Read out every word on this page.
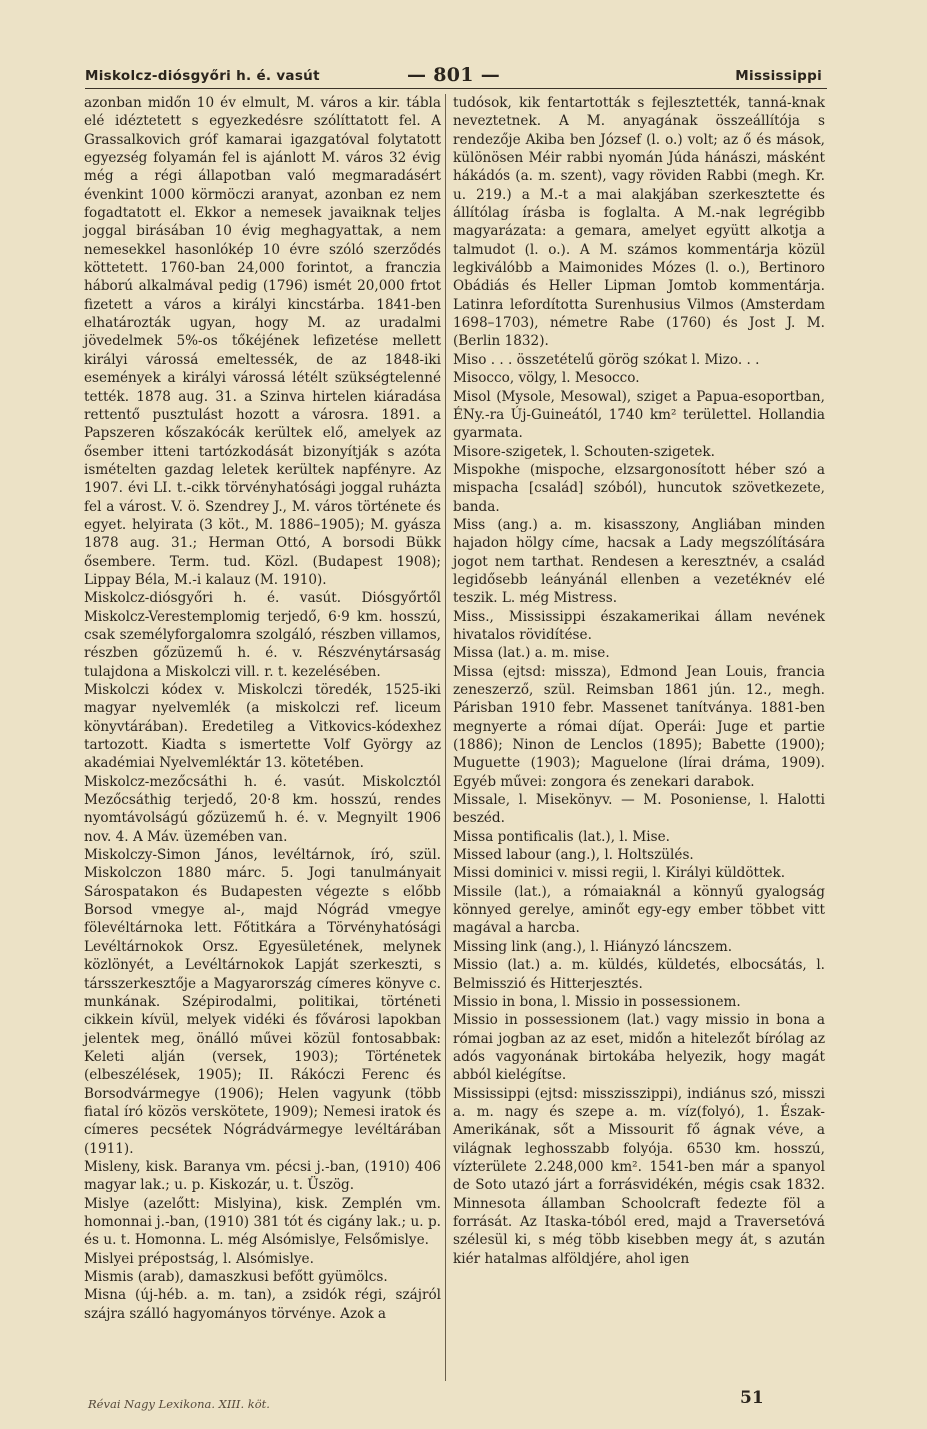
Miskolcz-diósgyőri h. é. vasút	— 801 —	Mississippi

azonban midőn 10 év elmult, M. város a kir. tábla elé idéztetett s egyezkedésre szólíttatott fel. A Grassalkovich gróf kamarai igazgatóval folytatott egyezség folyamán fel is ajánlott M. város 32 évig még a régi állapotban való megmaradásért évenkint 1000 körmöczi aranyat, azonban ez nem fogadtatott el. Ekkor a nemesek javaiknak teljes joggal birásában 10 évig meghagyattak, a nem nemesekkel hasonlókép 10 évre szóló szerződés köttetett. 1760-ban 24,000 forintot, a franczia háború alkalmával pedig (1796) ismét 20,000 frtot fizetett a város a királyi kincstárba. 1841-ben elhatározták ugyan, hogy M. az uradalmi jövedelmek 5%-os tőkéjének lefizetése mellett királyi várossá emeltessék, de az 1848-iki események a királyi várossá létélt szükségtelenné tették. 1878 aug. 31. a Szinva hirtelen kiáradása rettentő pusztulást hozott a városra. 1891. a Papszeren kőszakócák kerültek elő, amelyek az ősember itteni tartózkodását bizonyítják s azóta ismételten gazdag leletek kerültek napfényre. Az 1907. évi LI. t.-cikk törvényhatósági joggal ruházta fel a várost. V. ö. Szendrey J., M. város története és egyet. helyirata (3 köt., M. 1886–1905); M. gyásza 1878 aug. 31.; Herman Ottó, A borsodi Bükk ősembere. Term. tud. Közl. (Budapest 1908); Lippay Béla, M.-i kalauz (M. 1910).

Miskolcz-diósgyőri h. é. vasút. Diósgyőrtől Miskolcz-Verestemplomig terjedő, 6·9 km. hosszú, csak személyforgalomra szolgáló, részben villamos, részben gőzüzemű h. é. v. Részvénytársaság tulajdona a Miskolczi vill. r. t. kezelésében.

Miskolczi kódex v. Miskolczi töredék, 1525-iki magyar nyelvemlék (a miskolczi ref. liceum könyvtárában). Eredetileg a Vitkovics-kódexhez tartozott. Kiadta s ismertette Volf György az akadémiai Nyelvemléktár 13. kötetében.

Miskolcz-mezőcsáthi h. é. vasút. Miskolcztól Mezőcsáthig terjedő, 20·8 km. hosszú, rendes nyomtávolságú gőzüzemű h. é. v. Megnyilt 1906 nov. 4. A Máv. üzemében van.

Miskolczy-Simon János, levéltárnok, író, szül. Miskolczon 1880 márc. 5. Jogi tanulmányait Sárospatakon és Budapesten végezte s előbb Borsod vmegye al-, majd Nógrád vmegye fölevéltárnoka lett. Főtitkára a Törvényhatósági Levéltárnokok Orsz. Egyesületének, melynek közlönyét, a Levéltárnokok Lapját szerkeszti, s társszerkesztője a Magyarország címeres könyve c. munkának. Szépirodalmi, politikai, történeti cikkein kívül, melyek vidéki és fővárosi lapokban jelentek meg, önálló művei közül fontosabbak: Keleti alján (versek, 1903); Történetek (elbeszélések, 1905); II. Rákóczi Ferenc és Borsodvármegye (1906); Helen vagyunk (több fiatal író közös verskötete, 1909); Nemesi iratok és címeres pecsétek Nógrádvármegye levéltárában (1911).

Misleny, kisk. Baranya vm. pécsi j.-ban, (1910) 406 magyar lak.; u. p. Kiskozár, u. t. Üszög.

Mislye (azelőtt: Mislyina), kisk. Zemplén vm. homonnai j.-ban, (1910) 381 tót és cigány lak.; u. p. és u. t. Homonna. L. még Alsómislye, Felsőmislye.

Mislyei prépostság, l. Alsómislye.

Mismis (arab), damaszkusi befőtt gyümölcs.

Misna (új-héb. a. m. tan), a zsidók régi, szájról szájra szálló hagyományos törvénye. Azok a

tudósok, kik fentartották s fejlesztették, tanná-knak neveztetnek. A M. anyagának összeállítója s rendezője Akiba ben József (l. o.) volt; az ő és mások, különösen Méir rabbi nyomán Júda hánászi, másként hákádós (a. m. szent), vagy röviden Rabbi (megh. Kr. u. 219.) a M.-t a mai alakjában szerkesztette és állítólag írásba is foglalta. A M.-nak legrégibb magyarázata: a gemara, amelyet együtt alkotja a talmudot (l. o.). A M. számos kommentárja közül legkiválóbb a Maimonides Mózes (l. o.), Bertinoro Obádiás és Heller Lipman Jomtob kommentárja. Latinra lefordította Surenhusius Vilmos (Amsterdam 1698–1703), németre Rabe (1760) és Jost J. M. (Berlin 1832).

Miso . . . összetételű görög szókat l. Mizo. . .

Misocco, völgy, l. Mesocco.

Misol (Mysole, Mesowal), sziget a Papua-esoportban, ÉNy.-ra Új-Guineától, 1740 km² területtel. Hollandia gyarmata.

Misore-szigetek, l. Schouten-szigetek.

Mispokhe (mispoche, elzsargonosított héber szó a mispacha [család] szóból), huncutok szövetkezete, banda.

Miss (ang.) a. m. kisasszony, Angliában minden hajadon hölgy címe, hacsak a Lady megszólítására jogot nem tarthat. Rendesen a keresztnév, a család legidősebb leányánál ellenben a vezetéknév elé teszik. L. még Mistress.

Miss., Mississippi északamerikai állam nevének hivatalos rövidítése.

Missa (lat.) a. m. mise.

Missa (ejtsd: missza), Edmond Jean Louis, francia zeneszerző, szül. Reimsban 1861 jún. 12., megh. Párisban 1910 febr. Massenet tanítványa. 1881-ben megnyerte a római díjat. Operái: Juge et partie (1886); Ninon de Lenclos (1895); Babette (1900); Muguette (1903); Maguelone (lírai dráma, 1909). Egyéb művei: zongora és zenekari darabok.

Missale, l. Misekönyv. — M. Posoniense, l. Halotti beszéd.

Missa pontificalis (lat.), l. Mise.

Missed labour (ang.), l. Holtszülés.

Missi dominici v. missi regii, l. Királyi küldöttek.

Missile (lat.), a rómaiaknál a könnyű gyalogság könnyed gerelye, aminőt egy-egy ember többet vitt magával a harcba.

Missing link (ang.), l. Hiányzó láncszem.

Missio (lat.) a. m. küldés, küldetés, elbocsátás, l. Belmisszió és Hitterjesztés.

Missio in bona, l. Missio in possessionem.

Missio in possessionem (lat.) vagy missio in bona a római jogban az az eset, midőn a hitelezőt bírólag az adós vagyonának birtokába helyezik, hogy magát abból kielégítse.

Mississippi (ejtsd: misszisszippi), indiánus szó, misszi a. m. nagy és szepe a. m. víz(folyó), 1. Észak-Amerikának, sőt a Missourit fő ágnak véve, a világnak leghosszabb folyója. 6530 km. hosszú, vízterülete 2.248,000 km². 1541-ben már a spanyol de Soto utazó járt a forrásvidékén, mégis csak 1832. Minnesota államban Schoolcraft fedezte föl a forrását. Az Itaska-tóból ered, majd a Traversetóvá szélesül ki, s még több kisebben megy át, s azután kiér hatalmas alföldjére, ahol igen

Révai Nagy Lexikona. XIII. köt.	51
